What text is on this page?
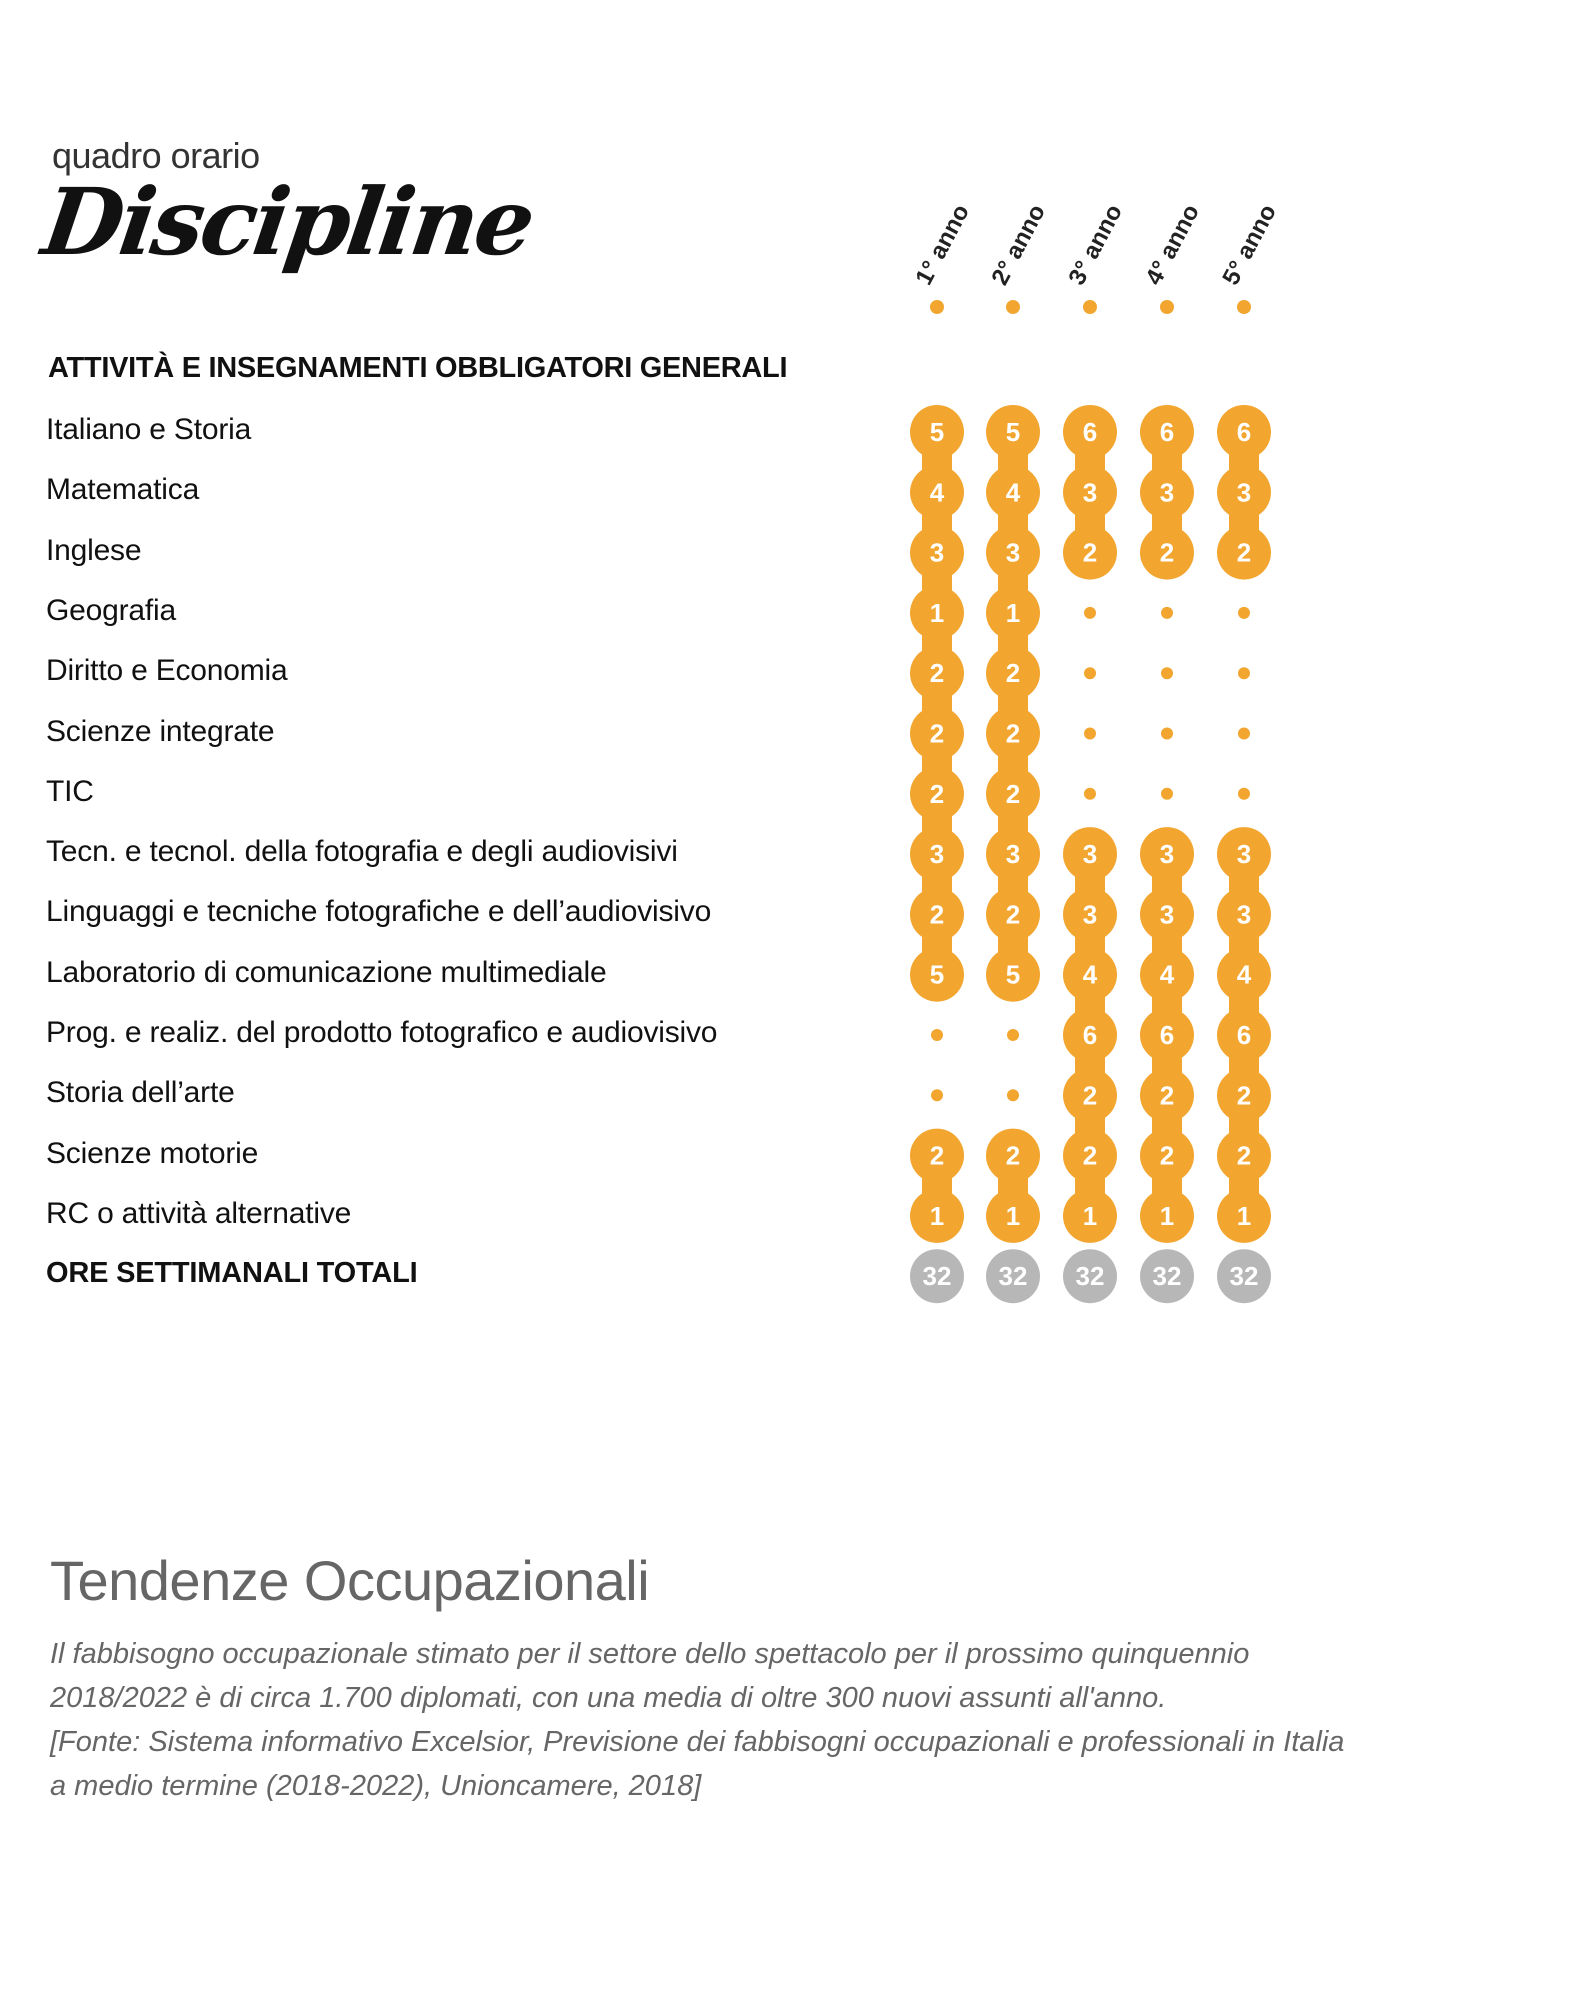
quadro orario
Discipline
5 5 6 6 6
4 4 3 3 3
3 3 2 2 2
1 1
2 2
2 2
2 2
3 3 3 3 3
2 2 3 3 3
5 5 4 4 4
6 6 6
2 2 2
2 2 2 2 2
1 1 1 1 1
32 32 32 32 32
1° anno 2° anno 3° anno 4° anno 5° anno
ATTIVITÀ E INSEGNAMENTI OBBLIGATORI GENERALI
Italiano e Storia
Matematica
Inglese
Geografia
Diritto e Economia
Scienze integrate
TIC
Tecn. e tecnol. della fotografia e degli audiovisivi
Linguaggi e tecniche fotografiche e dell’audiovisivo
Laboratorio di comunicazione multimediale
Prog. e realiz. del prodotto fotografico e audiovisivo
Storia dell’arte
Scienze motorie
RC o attività alternative
ORE SETTIMANALI TOTALI
Tendenze Occupazionali

Il fabbisogno occupazionale stimato per il settore dello spettacolo per il prossimo quinquennio 2018/2022 è di circa 1.700 diplomati, con una media di oltre 300 nuovi assunti all'anno.

[Fonte: Sistema informativo Excelsior, Previsione dei fabbisogni occupazionali e professionali in Italia a medio termine (2018-2022), Unioncamere, 2018]
